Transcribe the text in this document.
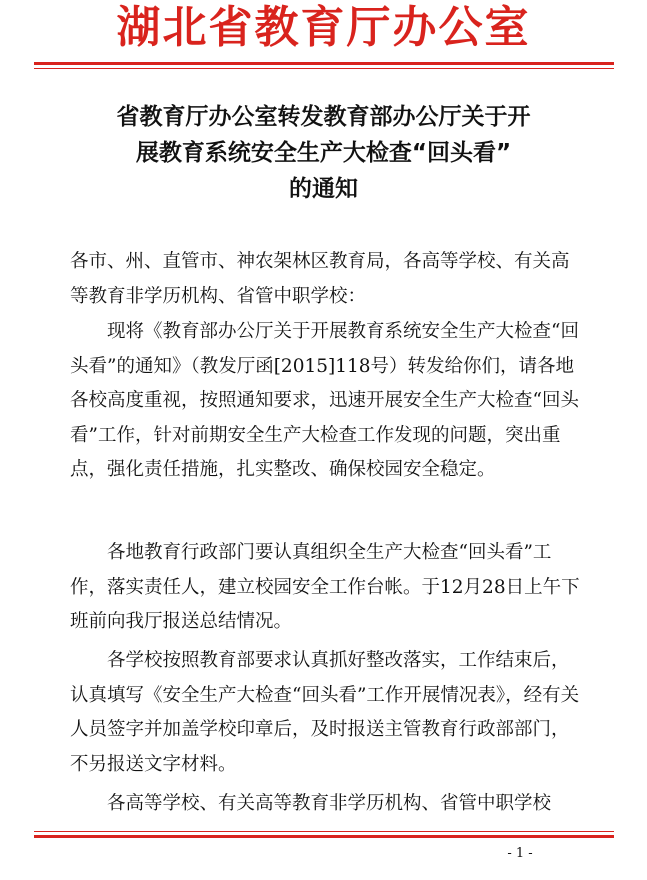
湖北省教育厅办公室
省教育厅办公室转发教育部办公厅关于开
展教育系统安全生产大检查“回头看”
的通知

各市、州、直管市、神农架林区教育局，各高等学校、有关高等教育非学历机构、省管中职学校：

现将《教育部办公厅关于开展教育系统安全生产大检查“回头看”的通知》（教发厅函[2015]118号）转发给你们，请各地各校高度重视，按照通知要求，迅速开展安全生产大检查“回头看”工作，针对前期安全生产大检查工作发现的问题，突出重点，强化责任措施，扎实整改、确保校园安全稳定。

各地教育行政部门要认真组织全生产大检查“回头看”工作，落实责任人，建立校园安全工作台帐。于12月28日上午下班前向我厅报送总结情况。

各学校按照教育部要求认真抓好整改落实，工作结束后，认真填写《安全生产大检查“回头看”工作开展情况表》，经有关人员签字并加盖学校印章后，及时报送主管教育行政部部门，不另报送文字材料。

各高等学校、有关高等教育非学历机构、省管中职学校

- 1 -
